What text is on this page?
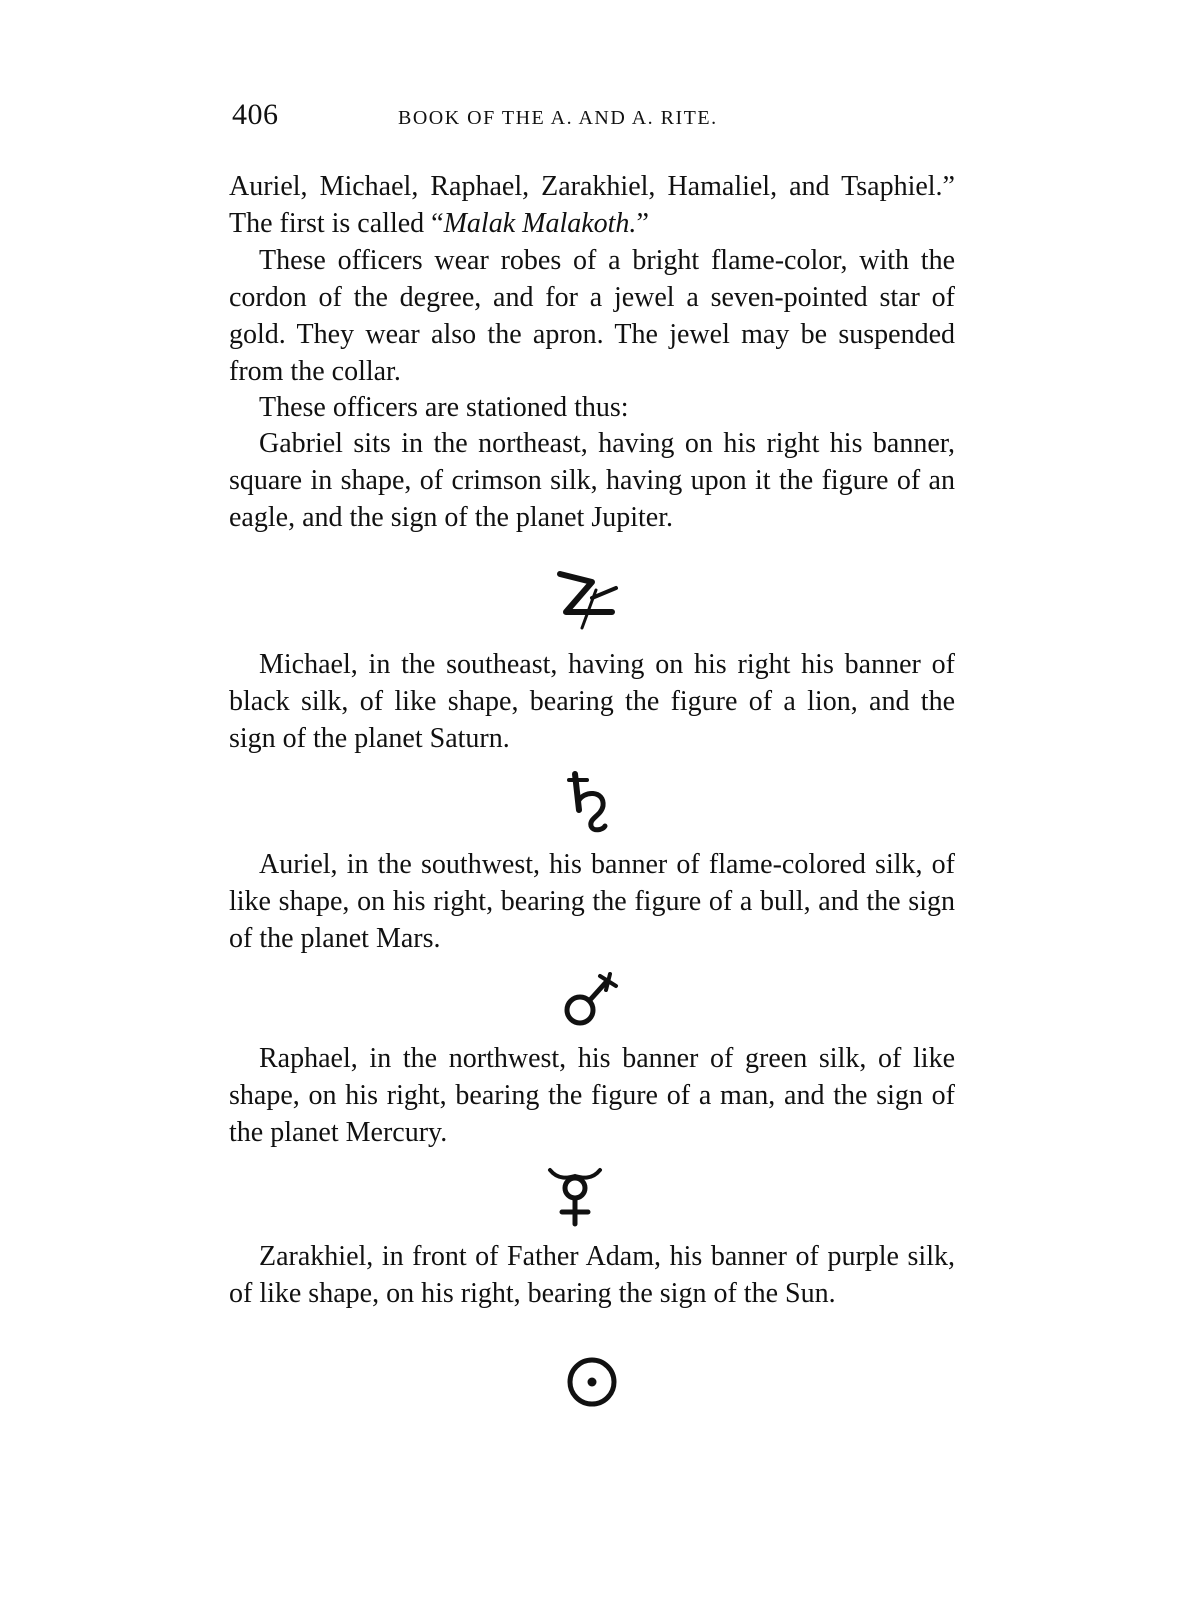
406	BOOK OF THE A. AND A. RITE.

Auriel, Michael, Raphael, Zarakhiel, Hamaliel, and Tsaphiel.” The first is called “Malak Malakoth.”

These officers wear robes of a bright flame-color, with the cordon of the degree, and for a jewel a seven-pointed star of gold. They wear also the apron. The jewel may be suspended from the collar.

These officers are stationed thus:

Gabriel sits in the northeast, having on his right his banner, square in shape, of crimson silk, having upon it the figure of an eagle, and the sign of the planet Jupiter.

Michael, in the southeast, having on his right his banner of black silk, of like shape, bearing the figure of a lion, and the sign of the planet Saturn.

Auriel, in the southwest, his banner of flame-colored silk, of like shape, on his right, bearing the figure of a bull, and the sign of the planet Mars.

Raphael, in the northwest, his banner of green silk, of like shape, on his right, bearing the figure of a man, and the sign of the planet Mercury.

Zarakhiel, in front of Father Adam, his banner of purple silk, of like shape, on his right, bearing the sign of the Sun.
